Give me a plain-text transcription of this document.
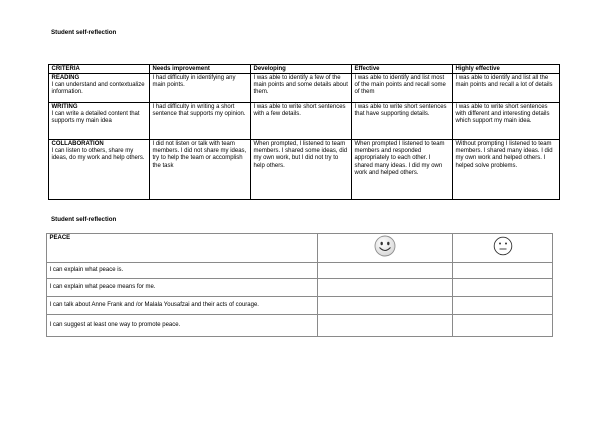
Student self-reflection
CRITERIA	Needs improvement	Developing	Effective	Highly effective

READING
I can understand and contextualize information.	I had difficulty in identifying any main points.	I was able to identify a few of the main points and some details about them.	I was able to identify and list most of the main points and recall some of them	I was able to identify and list all the main points and recall a lot of details

WRITING
I can write a detailed content that supports my main idea	I had difficulty in writing a short sentence that supports my opinion.	I was able to write short sentences with a few details.	I was able to write short sentences that have supporting details.	I was able to write short sentences with different and interesting details which support my main idea.

COLLABORATION
I can listen to others, share my ideas, do my work and help others.	I did not listen or talk with team members. I did not share my ideas, try to help the team or accomplish the task	When prompted, I listened to team members. I shared some ideas, did my own work, but I did not try to help others.	When prompted I listened to team members and responded appropriately to each other. I shared many ideas. I did my own work and helped others.	Without prompting I listened to team members. I shared many ideas. I did my own work and helped others. I helped solve problems.
Student self-reflection
PEACE		
I can explain what peace is.		
I can explain what peace means for me.		
I can talk about Anne Frank and /or Malala Yousafzai and their acts of courage.		
I can suggest at least one way to promote peace.		
